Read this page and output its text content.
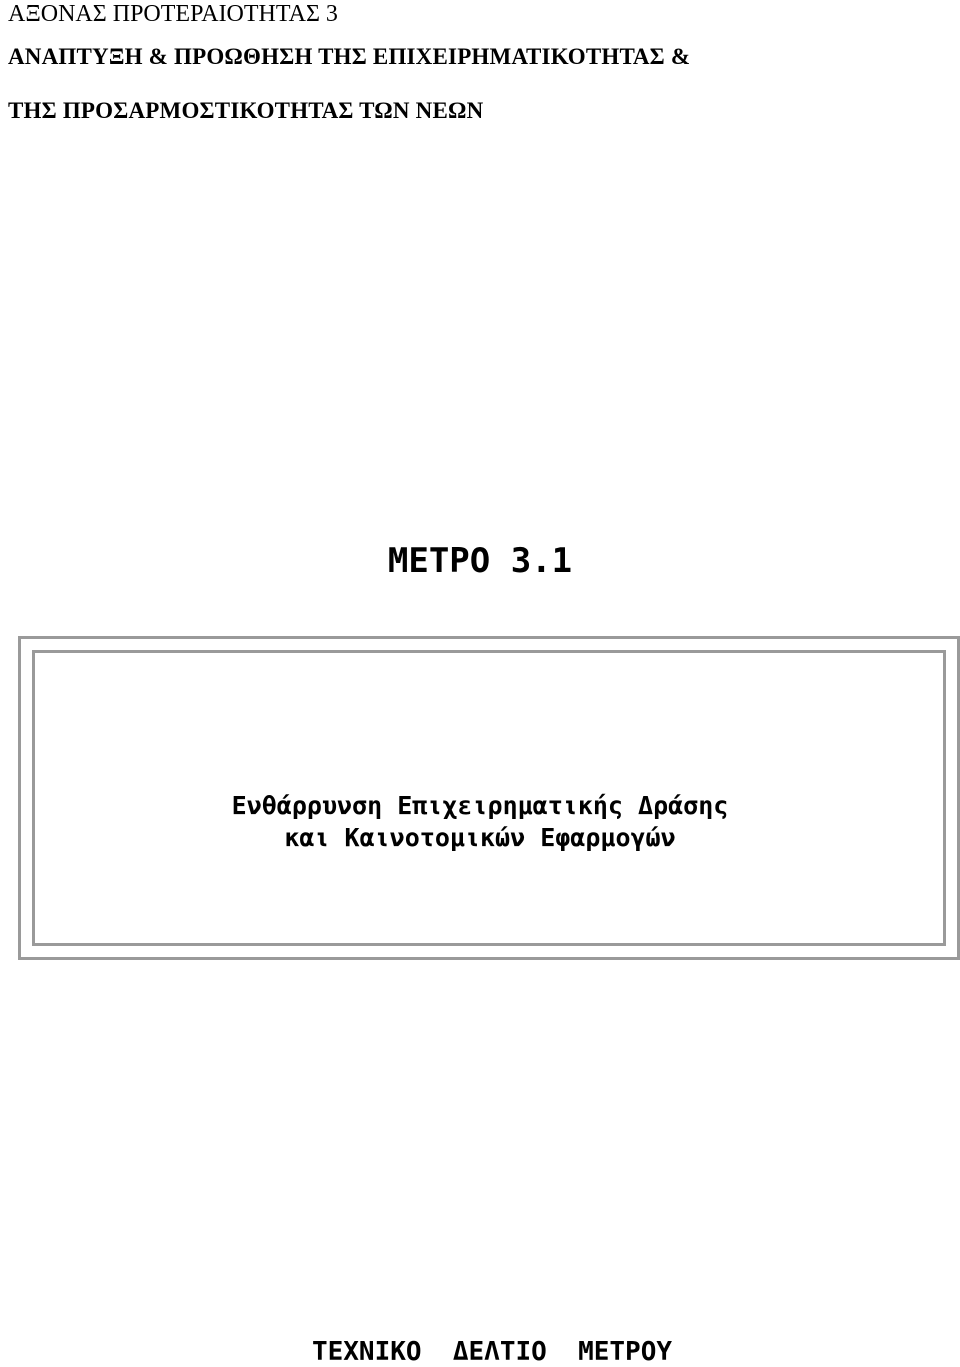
ΑΞΟΝΑΣ ΠΡΟΤΕΡΑΙΟΤΗΤΑΣ 3
ΑΝΑΠΤΥΞΗ & ΠΡΟΩΘΗΣΗ ΤΗΣ ΕΠΙΧΕΙΡΗΜΑΤΙΚΟΤΗΤΑΣ &
ΤΗΣ ΠΡΟΣΑΡΜΟΣΤΙΚΟΤΗΤΑΣ ΤΩΝ ΝΕΩΝ
ΜΕΤΡΟ 3.1
ΤΕΧΝΙΚΟ ΔΕΛΤΙΟ ΜΕΤΡΟΥ
Ενθάρρυνση Επιχειρηματικής Δράσης
και Καινοτομικών Εφαρμογών
